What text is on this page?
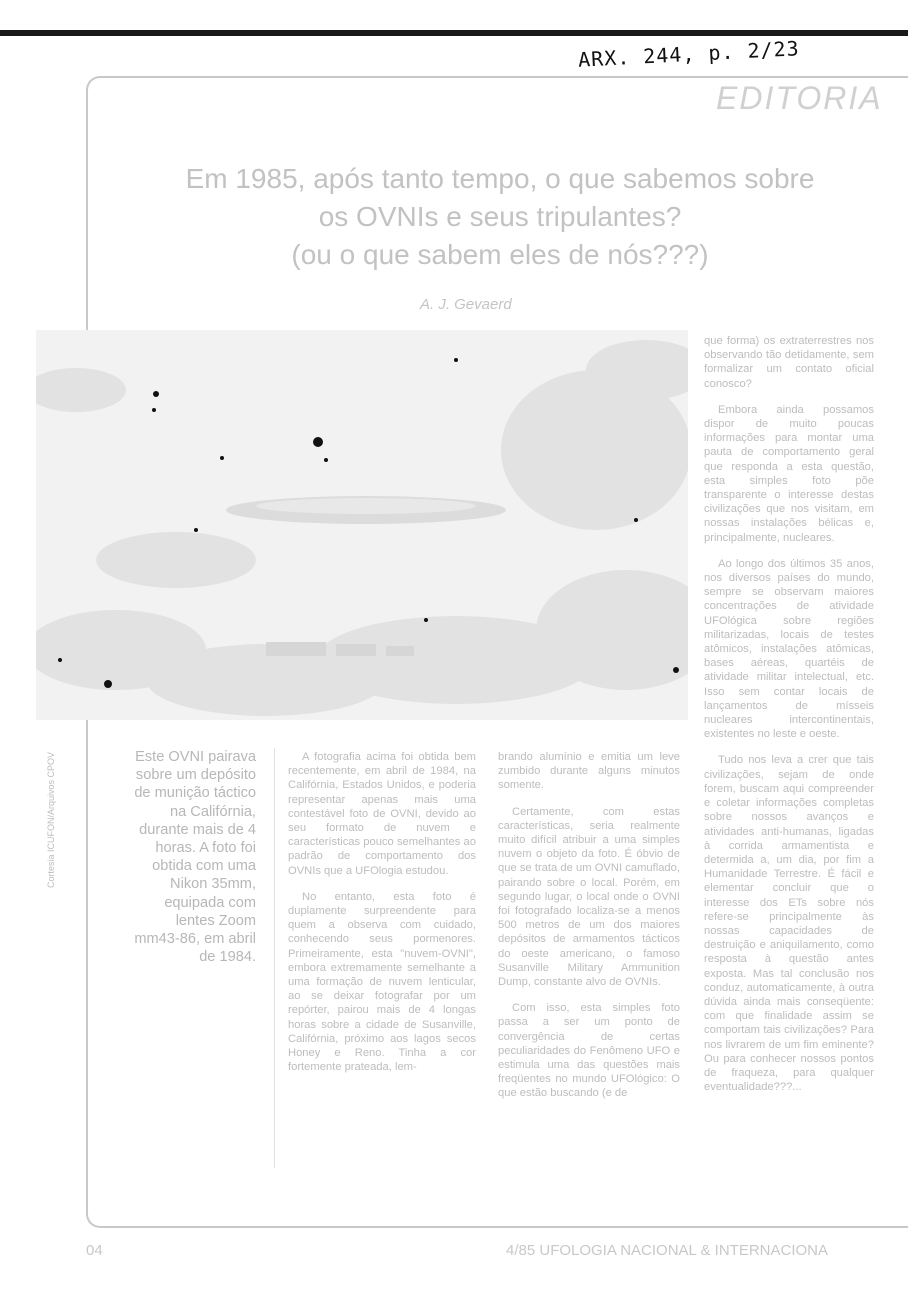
ARX. 244, p. 2/23
EDITORIA
Em 1985, após tanto tempo, o que sabemos sobre
os OVNIs e seus tripulantes?
(ou o que sabem eles de nós???)
A. J. Gevaerd
Cortesia ICUFON/Arquivos CPOV	Este OVNI pairava sobre um depósito de munição táctico na Califórnia, durante mais de 4 horas. A foto foi obtida com uma Nikon 35mm, equipada com lentes Zoom mm43-86, em abril de 1984.

A fotografia acima foi obtida bem recentemente, em abril de 1984, na Califórnia, Estados Unidos, e poderia representar apenas mais uma contestável foto de OVNI, devido ao seu formato de nuvem e características pouco semelhantes ao padrão de comportamento dos OVNIs que a UFOlogia estudou.

No entanto, esta foto é duplamente surpreendente para quem a observa com cuidado, conhecendo seus pormenores. Primeiramente, esta "nuvem-OVNI", embora extremamente semelhante a uma formação de nuvem lenticular, ao se deixar fotografar por um repórter, pairou mais de 4 longas horas sobre a cidade de Susanville, Califórnia, próximo aos lagos secos Honey e Reno. Tinha a cor fortemente prateada, lem-

brando alumínio e emitia um leve zumbido durante alguns minutos somente.

Certamente, com estas características, seria realmente muito difícil atribuir a uma simples nuvem o objeto da foto. É óbvio de que se trata de um OVNI camuflado, pairando sobre o local. Porém, em segundo lugar, o local onde o OVNI foi fotografado localiza-se a menos 500 metros de um dos maiores depósitos de armamentos tácticos do oeste americano, o famoso Susanville Military Ammunition Dump, constante alvo de OVNIs.

Com isso, esta simples foto passa a ser um ponto de convergência de certas peculiaridades do Fenômeno UFO e estimula uma das questões mais freqüentes no mundo UFOlógico: O que estão buscando (e de

que forma) os extraterrestres nos observando tão detidamente, sem formalizar um contato oficial conosco?

Embora ainda possamos dispor de muito poucas informações para montar uma pauta de comportamento geral que responda a esta questão, esta simples foto põe transparente o interesse destas civilizações que nos visitam, em nossas instalações bélicas e, principalmente, nucleares.

Ao longo dos últimos 35 anos, nos diversos países do mundo, sempre se observam maiores concentrações de atividade UFOlógica sobre regiões militarizadas, locais de testes atômicos, instalações atômicas, bases aéreas, quartéis de atividade militar intelectual, etc. Isso sem contar locais de lançamentos de mísseis nucleares intercontinentais, existentes no leste e oeste.

Tudo nos leva a crer que tais civilizações, sejam de onde forem, buscam aqui compreender e coletar informações completas sobre nossos avanços e atividades anti-humanas, ligadas à corrida armamentista e determida a, um dia, por fim a Humanidade Terrestre. É fácil e elementar concluir que o interesse dos ETs sobre nós refere-se principalmente às nossas capacidades de destruição e aniquilamento, como resposta à questão antes exposta. Mas tal conclusão nos conduz, automaticamente, à outra dúvida ainda mais conseqüente: com que finalidade assim se comportam tais civilizações? Para nos livrarem de um fim eminente? Ou para conhecer nossos pontos de fraqueza, para qualquer eventualidade???...

04	4/85 UFOLOGIA NACIONAL & INTERNACIONA
